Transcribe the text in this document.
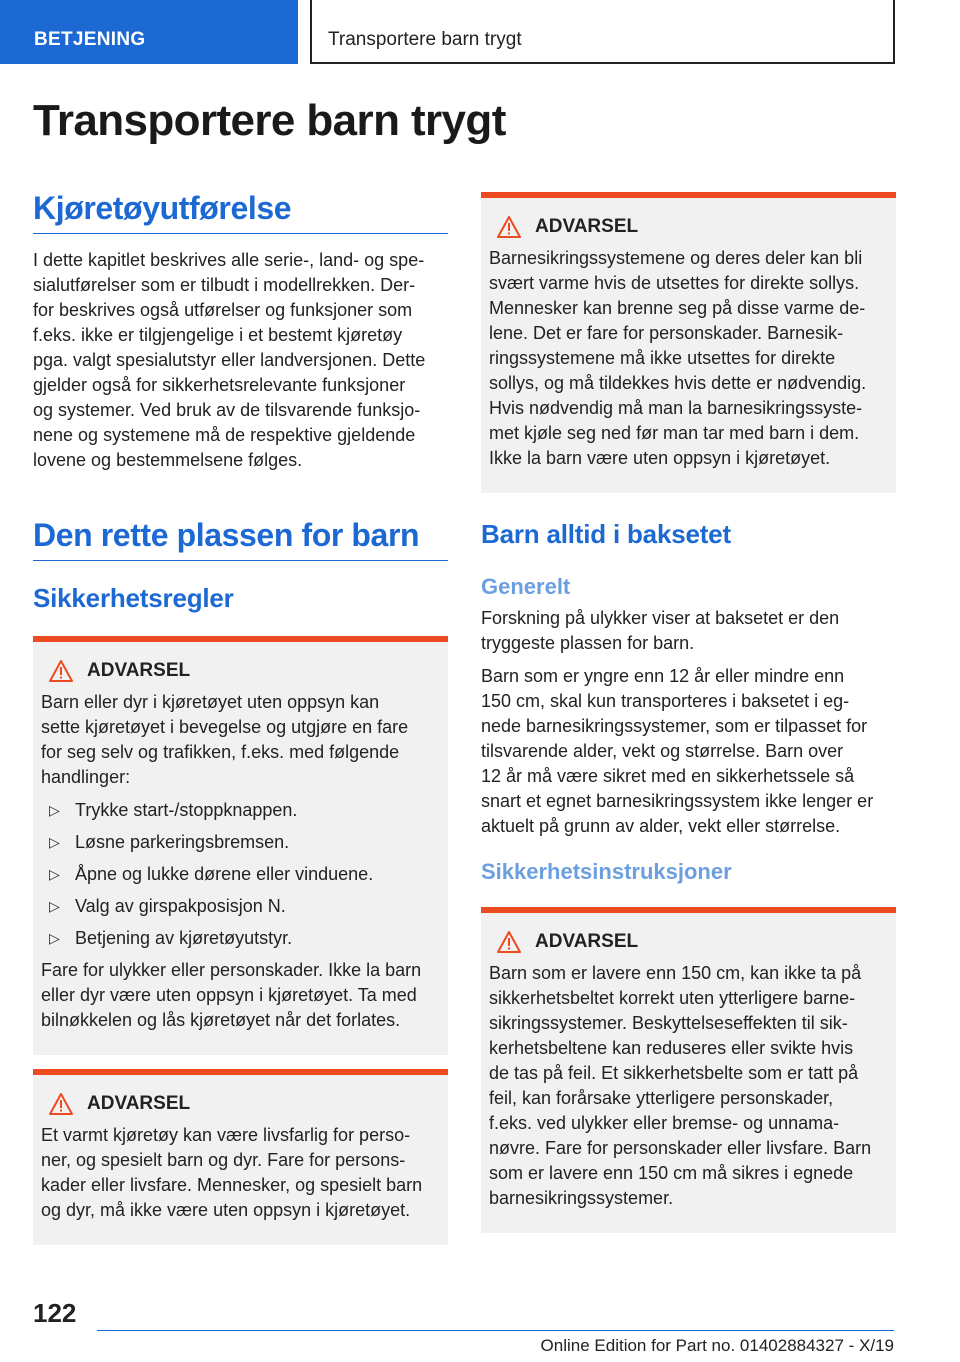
BETJENING	Transportere barn trygt
Transportere barn trygt
Kjøretøyutførelse

I dette kapitlet beskrives alle serie-, land- og spe-
sialutførelser som er tilbudt i modellrekken. Der-
for beskrives også utførelser og funksjoner som
f.eks. ikke er tilgjengelige i et bestemt kjøretøy
pga. valgt spesialutstyr eller landversjonen. Dette
gjelder også for sikkerhetsrelevante funksjoner
og systemer. Ved bruk av de tilsvarende funksjo-
nene og systemene må de respektive gjeldende
lovene og bestemmelsene følges.

Den rette plassen for barn
Sikkerhetsregler
ADVARSEL

Barn eller dyr i kjøretøyet uten oppsyn kan
sette kjøretøyet i bevegelse og utgjøre en fare
for seg selv og trafikken, f.eks. med følgende
handlinger:

▷ Trykke start-/stoppknappen.
▷ Løsne parkeringsbremsen.
▷ Åpne og lukke dørene eller vinduene.
▷ Valg av girspakposisjon N.
▷ Betjening av kjøretøyutstyr.

Fare for ulykker eller personskader. Ikke la barn
eller dyr være uten oppsyn i kjøretøyet. Ta med
bilnøkkelen og lås kjøretøyet når det forlates.

ADVARSEL

Et varmt kjøretøy kan være livsfarlig for perso-
ner, og spesielt barn og dyr. Fare for persons-
kader eller livsfare. Mennesker, og spesielt barn
og dyr, må ikke være uten oppsyn i kjøretøyet.

ADVARSEL

Barnesikringssystemene og deres deler kan bli
svært varme hvis de utsettes for direkte sollys.
Mennesker kan brenne seg på disse varme de-
lene. Det er fare for personskader. Barnesik-
ringssystemene må ikke utsettes for direkte
sollys, og må tildekkes hvis dette er nødvendig.
Hvis nødvendig må man la barnesikringssyste-
met kjøle seg ned før man tar med barn i dem.
Ikke la barn være uten oppsyn i kjøretøyet.

Barn alltid i baksetet
Generelt

Forskning på ulykker viser at baksetet er den
tryggeste plassen for barn.

Barn som er yngre enn 12 år eller mindre enn
150 cm, skal kun transporteres i baksetet i eg-
nede barnesikringssystemer, som er tilpasset for
tilsvarende alder, vekt og størrelse. Barn over
12 år må være sikret med en sikkerhetssele så
snart et egnet barnesikringssystem ikke lenger er
aktuelt på grunn av alder, vekt eller størrelse.

Sikkerhetsinstruksjoner
ADVARSEL

Barn som er lavere enn 150 cm, kan ikke ta på
sikkerhetsbeltet korrekt uten ytterligere barne-
sikringssystemer. Beskyttelseseffekten til sik-
kerhetsbeltene kan reduseres eller svikte hvis
de tas på feil. Et sikkerhetsbelte som er tatt på
feil, kan forårsake ytterligere personskader,
f.eks. ved ulykker eller bremse- og unnama-
nøvre. Fare for personskader eller livsfare. Barn
som er lavere enn 150 cm må sikres i egnede
barnesikringssystemer.

122
Online Edition for Part no. 01402884327 - X/19
